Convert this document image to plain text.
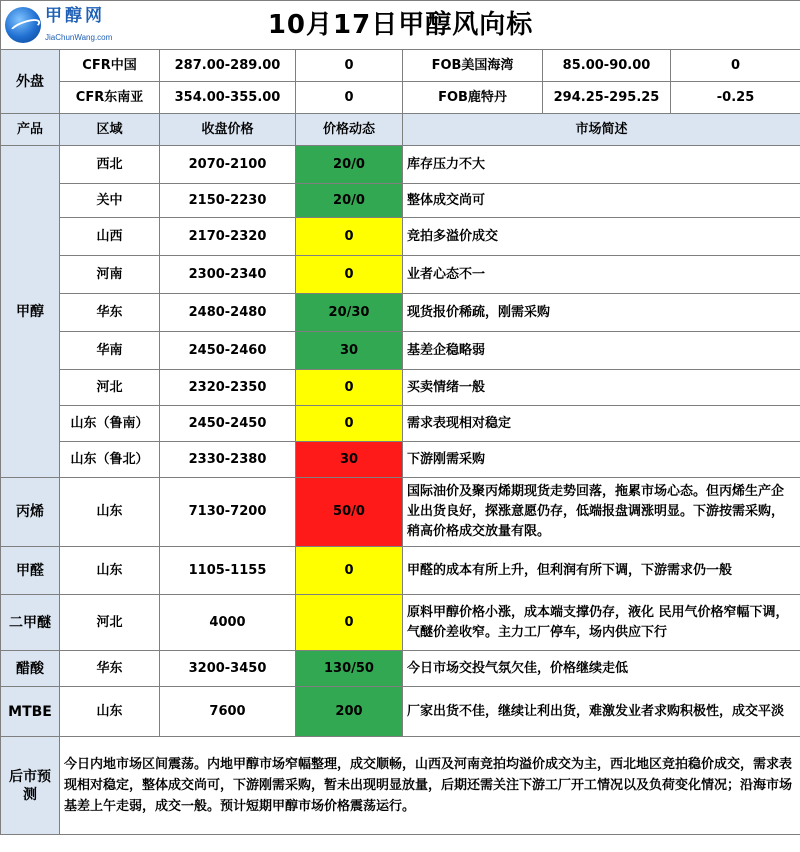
甲醇网
JiaChunWang.com 10月17日甲醇风向标						

外盘	CFR中国	287.00-289.00	0	FOB美国海湾	85.00-90.00	0
	CFR东南亚	354.00-355.00	0	FOB鹿特丹	294.25-295.25	-0.25
产品	区域	收盘价格	价格动态	市场简述		
甲醇	西北	2070-2100	20/0	库存压力不大		
	关中	2150-2230	20/0	整体成交尚可		
	山西	2170-2320	0	竞拍多溢价成交		
	河南	2300-2340	0	业者心态不一		
	华东	2480-2480	20/30	现货报价稀疏，刚需采购		
	华南	2450-2460	30	基差企稳略弱		
	河北	2320-2350	0	买卖情绪一般		
	山东（鲁南）	2450-2450	0	需求表现相对稳定		
	山东（鲁北）	2330-2380	30	下游刚需采购		
丙烯	山东	7130-7200	50/0	国际油价及聚丙烯期现货走势回落，拖累市场心态。但丙烯生产企业出货良好，探涨意愿仍存，低端报盘调涨明显。下游按需采购，稍高价格成交放量有限。		
甲醛	山东	1105-1155	0	甲醛的成本有所上升，但利润有所下调，下游需求仍一般		
二甲醚	河北	4000	0	原料甲醇价格小涨，成本端支撑仍存，液化 民用气价格窄幅下调，气醚价差收窄。主力工厂停车，场内供应下行		
醋酸	华东	3200-3450	130/50	今日市场交投气氛欠佳，价格继续走低		
MTBE	山东	7600	200	厂家出货不佳，继续让利出货，难激发业者求购积极性，成交平淡		
后市预测	今日内地市场区间震荡。内地甲醇市场窄幅整理，成交顺畅，山西及河南竞拍均溢价成交为主，西北地区竞拍稳价成交，需求表现相对稳定，整体成交尚可，下游刚需采购，暂未出现明显放量，后期还需关注下游工厂开工情况以及负荷变化情况；沿海市场基差上午走弱，成交一般。预计短期甲醇市场价格震荡运行。					
